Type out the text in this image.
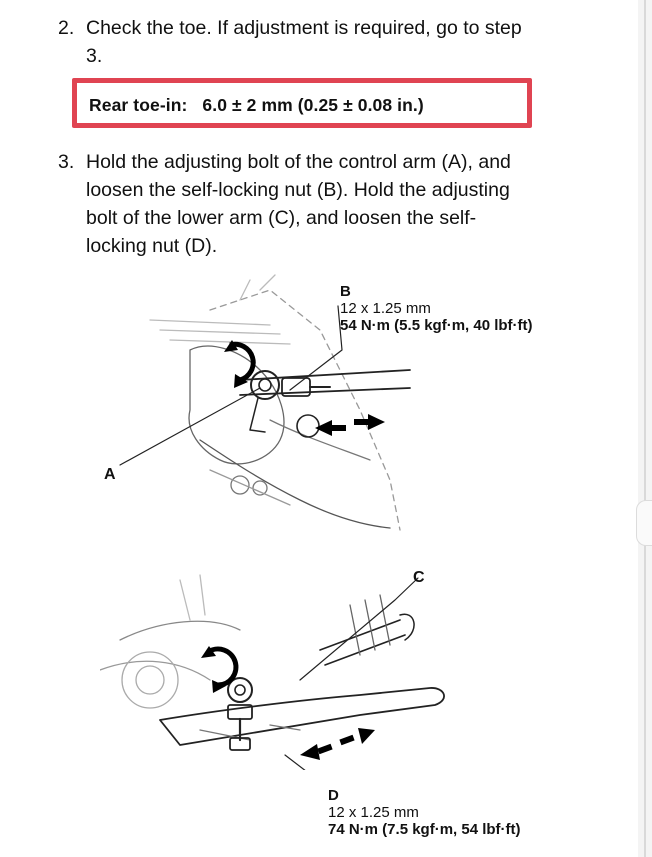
2. Check the toe. If adjustment is required, go to step
3.
Rear toe-in: 6.0 ± 2 mm (0.25 ± 0.08 in.)
3. Hold the adjusting bolt of the control arm (A), and
loosen the self-locking nut (B). Hold the adjusting
bolt of the lower arm (C), and loosen the self-
locking nut (D).
B
12 x 1.25 mm
54 N·m (5.5 kgf·m, 40 lbf·ft)
A
C
D
12 x 1.25 mm
74 N·m (7.5 kgf·m, 54 lbf·ft)
